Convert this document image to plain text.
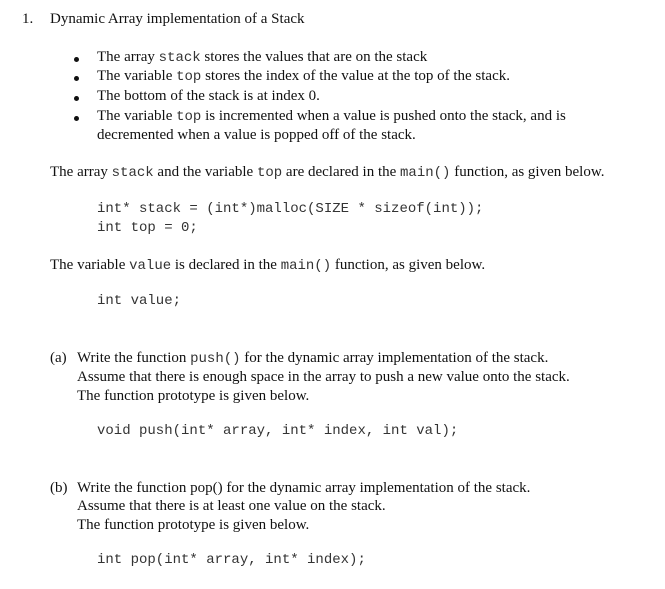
1. Dynamic Array implementation of a Stack
The array stack stores the values that are on the stack
The variable top stores the index of the value at the top of the stack.
The bottom of the stack is at index 0.
The variable top is incremented when a value is pushed onto the stack, and is
decremented when a value is popped off of the stack.
The array stack and the variable top are declared in the main() function, as given below.
int* stack = (int*)malloc(SIZE * sizeof(int));
int top = 0;
The variable value is declared in the main() function, as given below.
int value;
(a) Write the function push() for the dynamic array implementation of the stack.
Assume that there is enough space in the array to push a new value onto the stack.
The function prototype is given below.
void push(int* array, int* index, int val);
(b) Write the function pop() for the dynamic array implementation of the stack.
Assume that there is at least one value on the stack.
The function prototype is given below.
int pop(int* array, int* index);
